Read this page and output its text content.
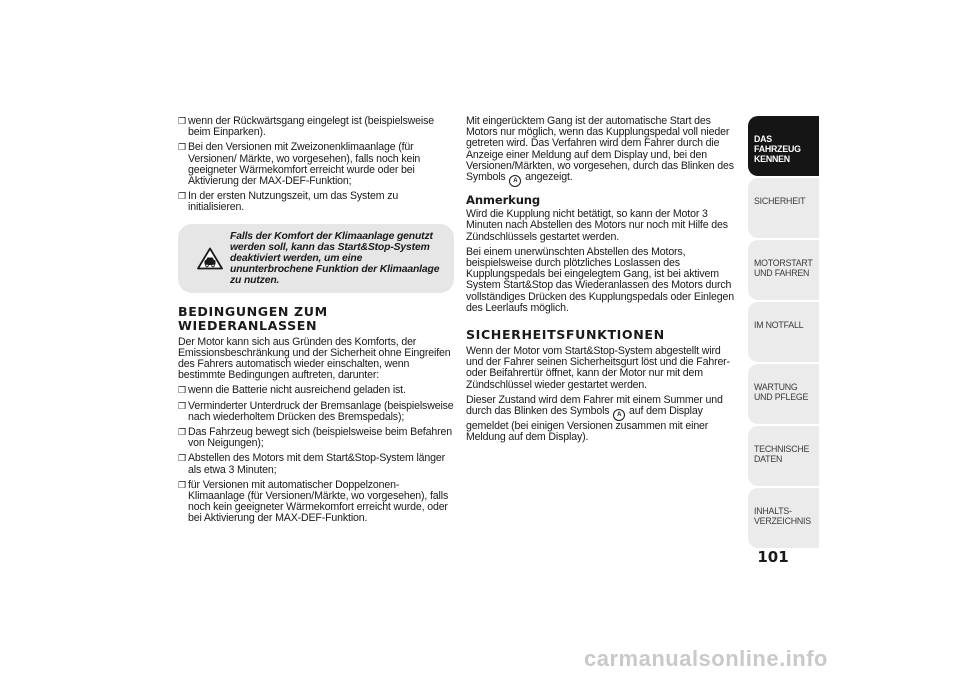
❒ wenn der Rückwärtsgang eingelegt ist (beispielsweise beim Einparken).
❒ Bei den Versionen mit Zweizonenklimaanlage (für Versionen/ Märkte, wo vorgesehen), falls noch kein geeigneter Wärmekomfort erreicht wurde oder bei Aktivierung der MAX-DEF-Funktion;
❒ In der ersten Nutzungszeit, um das System zu initialisieren.
Falls der Komfort der Klimaanlage genutzt werden soll, kann das Start&Stop-System deaktiviert werden, um eine ununterbrochene Funktion der Klimaanlage zu nutzen.
BEDINGUNGEN ZUM WIEDERANLASSEN

Der Motor kann sich aus Gründen des Komforts, der Emissionsbeschränkung und der Sicherheit ohne Eingreifen des Fahrers automatisch wieder einschalten, wenn bestimmte Bedingungen auftreten, darunter:

❒ wenn die Batterie nicht ausreichend geladen ist.
❒ Verminderter Unterdruck der Bremsanlage (beispielsweise nach wiederholtem Drücken des Bremspedals);
❒ Das Fahrzeug bewegt sich (beispielsweise beim Befahren von Neigungen);
❒ Abstellen des Motors mit dem Start&Stop-System länger als etwa 3 Minuten;
❒ für Versionen mit automatischer Doppelzonen-Klimaanlage (für Versionen/Märkte, wo vorgesehen), falls noch kein geeigneter Wärmekomfort erreicht wurde, oder bei Aktivierung der MAX-DEF-Funktion.

Mit eingerücktem Gang ist der automatische Start des Motors nur möglich, wenn das Kupplungspedal voll nieder getreten wird. Das Verfahren wird dem Fahrer durch die Anzeige einer Meldung auf dem Display und, bei den Versionen/Märkten, wo vorgesehen, durch das Blinken des Symbols A angezeigt.

Anmerkung

Wird die Kupplung nicht betätigt, so kann der Motor 3 Minuten nach Abstellen des Motors nur noch mit Hilfe des Zündschlüssels gestartet werden.

Bei einem unerwünschten Abstellen des Motors, beispielsweise durch plötzliches Loslassen des Kupplungspedals bei eingelegtem Gang, ist bei aktivem System Start&Stop das Wiederanlassen des Motors durch vollständiges Drücken des Kupplungspedals oder Einlegen des Leerlaufs möglich.

SICHERHEITSFUNKTIONEN

Wenn der Motor vom Start&Stop-System abgestellt wird und der Fahrer seinen Sicherheitsgurt löst und die Fahrer- oder Beifahrertür öffnet, kann der Motor nur mit dem Zündschlüssel wieder gestartet werden.

Dieser Zustand wird dem Fahrer mit einem Summer und durch das Blinken des Symbols A auf dem Display gemeldet (bei einigen Versionen zusammen mit einer Meldung auf dem Display).

DAS FAHRZEUG KENNEN
SICHERHEIT
MOTORSTART UND FAHREN
IM NOTFALL
WARTUNG UND PFLEGE
TECHNISCHE DATEN
INHALTS-VERZEICHNIS
101
carmanualsonline.info
